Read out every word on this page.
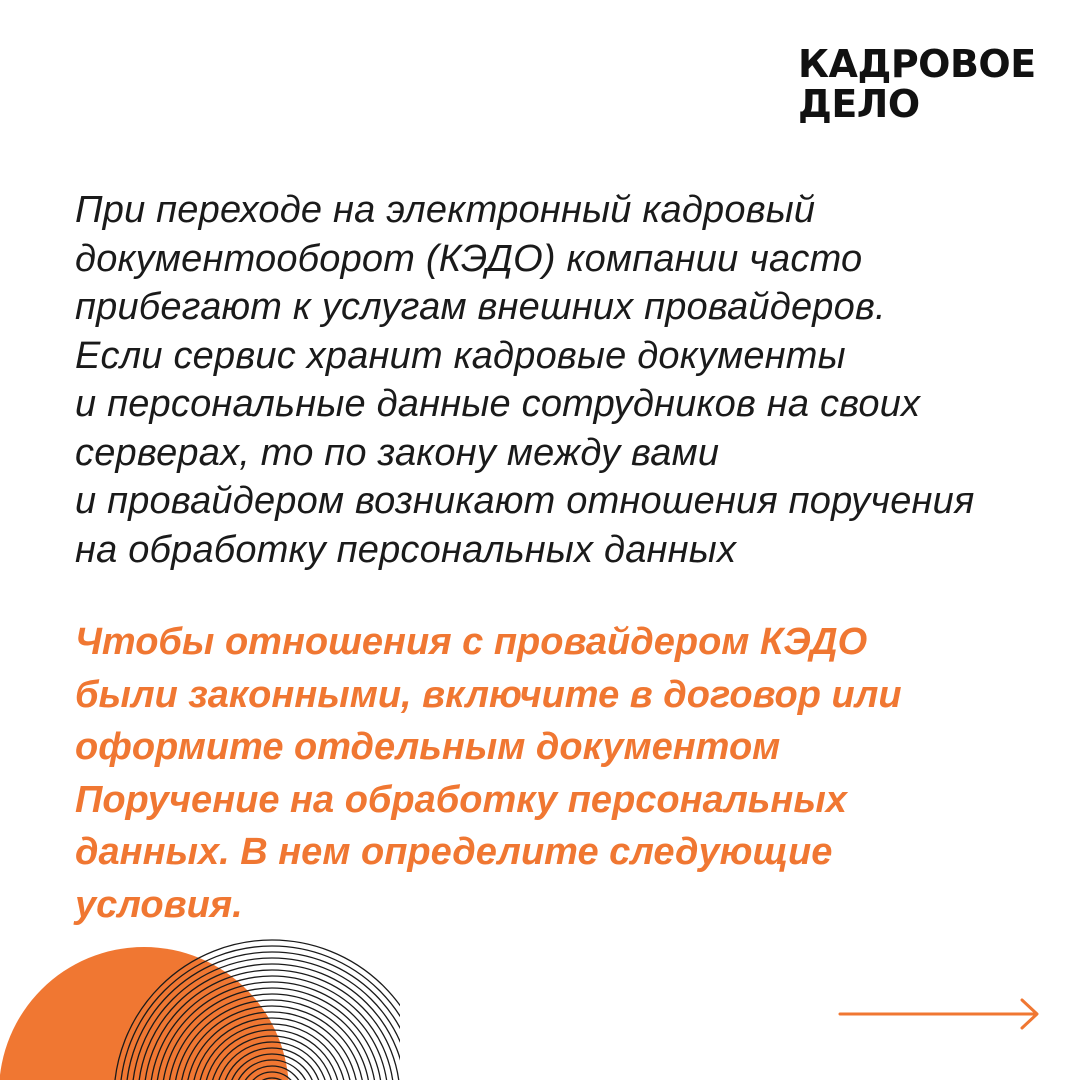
КАДРОВОЕ
ДЕЛО
При переходе на электронный кадровый
документооборот (КЭДО) компании часто
прибегают к услугам внешних провайдеров.
Если сервис хранит кадровые документы
и персональные данные сотрудников на своих
серверах, то по закону между вами
и провайдером возникают отношения поручения
на обработку персональных данных
Чтобы отношения с провайдером КЭДО
были законными, включите в договор или
оформите отдельным документом
Поручение на обработку персональных
данных. В нем определите следующие
условия.
